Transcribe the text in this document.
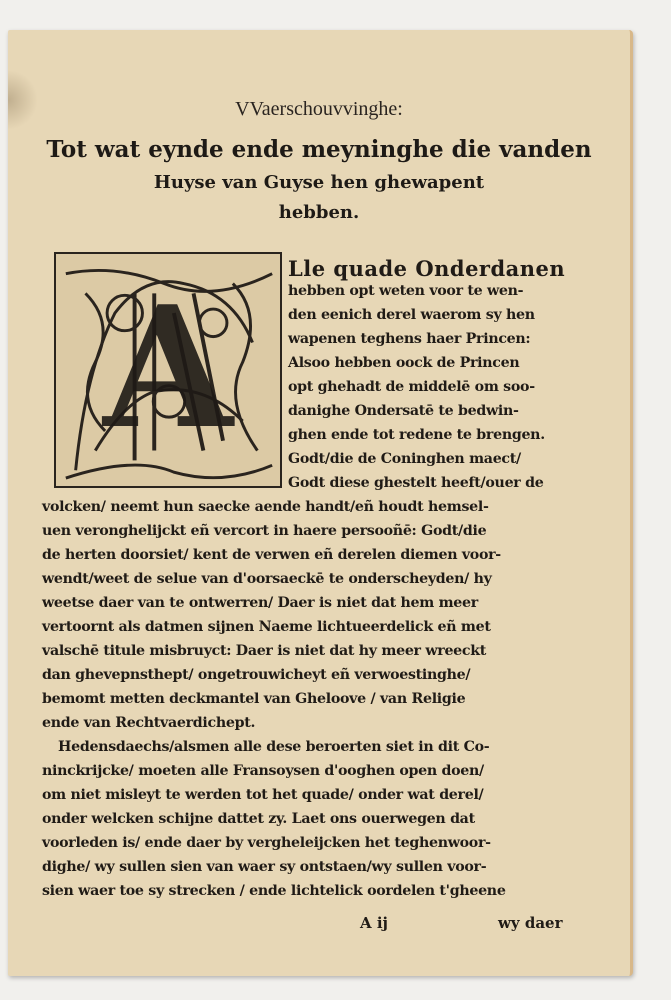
VVaerschouvvinghe:
Tot wat eynde ende meyninghe die vanden
Huyse van Guyse hen ghewapent
hebben.
A
Lle quade Onderdanen
hebben opt weten voor te wen-
den eenich derel waerom sy hen
wapenen teghens haer Princen:
Alsoo hebben oock de Princen
opt ghehadt de middelē om soo-
danighe Ondersatē te bedwin-
ghen ende tot redene te brengen.
Godt/die de Coninghen maect/
Godt diese ghestelt heeft/ouer de
volcken/ neemt hun saecke aende handt/eñ houdt hemsel-
uen veronghelijckt eñ vercort in haere persooñē: Godt/die
de herten doorsiet/ kent de verwen eñ derelen diemen voor-
wendt/weet de selue van d'oorsaeckē te onderscheyden/ hy
weetse daer van te ontwerren/ Daer is niet dat hem meer
vertoornt als datmen sijnen Naeme lichtueerdelick eñ met
valschē titule misbruyct: Daer is niet dat hy meer wreeckt
dan ghevepnsthept/ ongetrouwicheyt eñ verwoestinghe/
bemomt metten deckmantel van Gheloove / van Religie
ende van Rechtvaerdichept.
Hedensdaechs/alsmen alle dese beroerten siet in dit Co-
ninckrijcke/ moeten alle Fransoysen d'ooghen open doen/
om niet misleyt te werden tot het quade/ onder wat derel/
onder welcken schijne dattet zy. Laet ons ouerwegen dat
voorleden is/ ende daer by vergheleijcken het teghenwoor-
dighe/ wy sullen sien van waer sy ontstaen/wy sullen voor-
sien waer toe sy strecken / ende lichtelick oordelen t'gheene
A ij	wy daer
